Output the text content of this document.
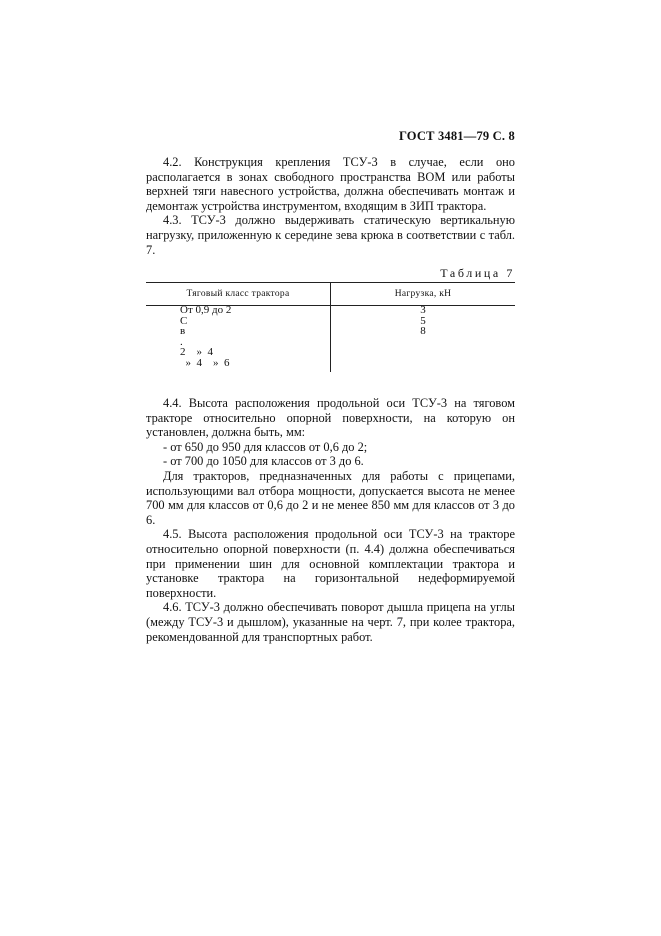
ГОСТ 3481—79 С. 8

4.2. Конструкция крепления ТСУ-3 в случае, если оно располагается в зонах свободного пространства ВОМ или работы верхней тяги навесного устройства, должна обеспечивать монтаж и демонтаж устройства инструментом, входящим в ЗИП трактора.

4.3. ТСУ-3 должно выдерживать статическую вертикальную нагрузку, приложенную к середине зева крюка в соответствии с табл. 7.

Таблица 7
Тяговый класс трактора	Нагрузка, кН
От 0,9 до 2
С
в
.
2    »  4
»  4    »  6
3
5
8

4.4. Высота расположения продольной оси ТСУ-3 на тяговом тракторе относительно опорной поверхности, на которую он установлен, должна быть, мм:

- от 650 до 950 для классов от 0,6 до 2;

- от 700 до 1050 для классов от 3 до 6.

Для тракторов, предназначенных для работы с прицепами, использующими вал отбора мощности, допускается высота не менее 700 мм для классов от 0,6 до 2 и не менее 850 мм для классов от 3 до 6.

4.5. Высота расположения продольной оси ТСУ-3 на тракторе относительно опорной поверхности (п. 4.4) должна обеспечиваться при применении шин для основной комплектации трактора и установке трактора на горизонтальной недеформируемой поверхности.

4.6. ТСУ-3 должно обеспечивать поворот дышла прицепа на углы (между ТСУ-3 и дышлом), указанные на черт. 7, при колее трактора, рекомендованной для транспортных работ.
